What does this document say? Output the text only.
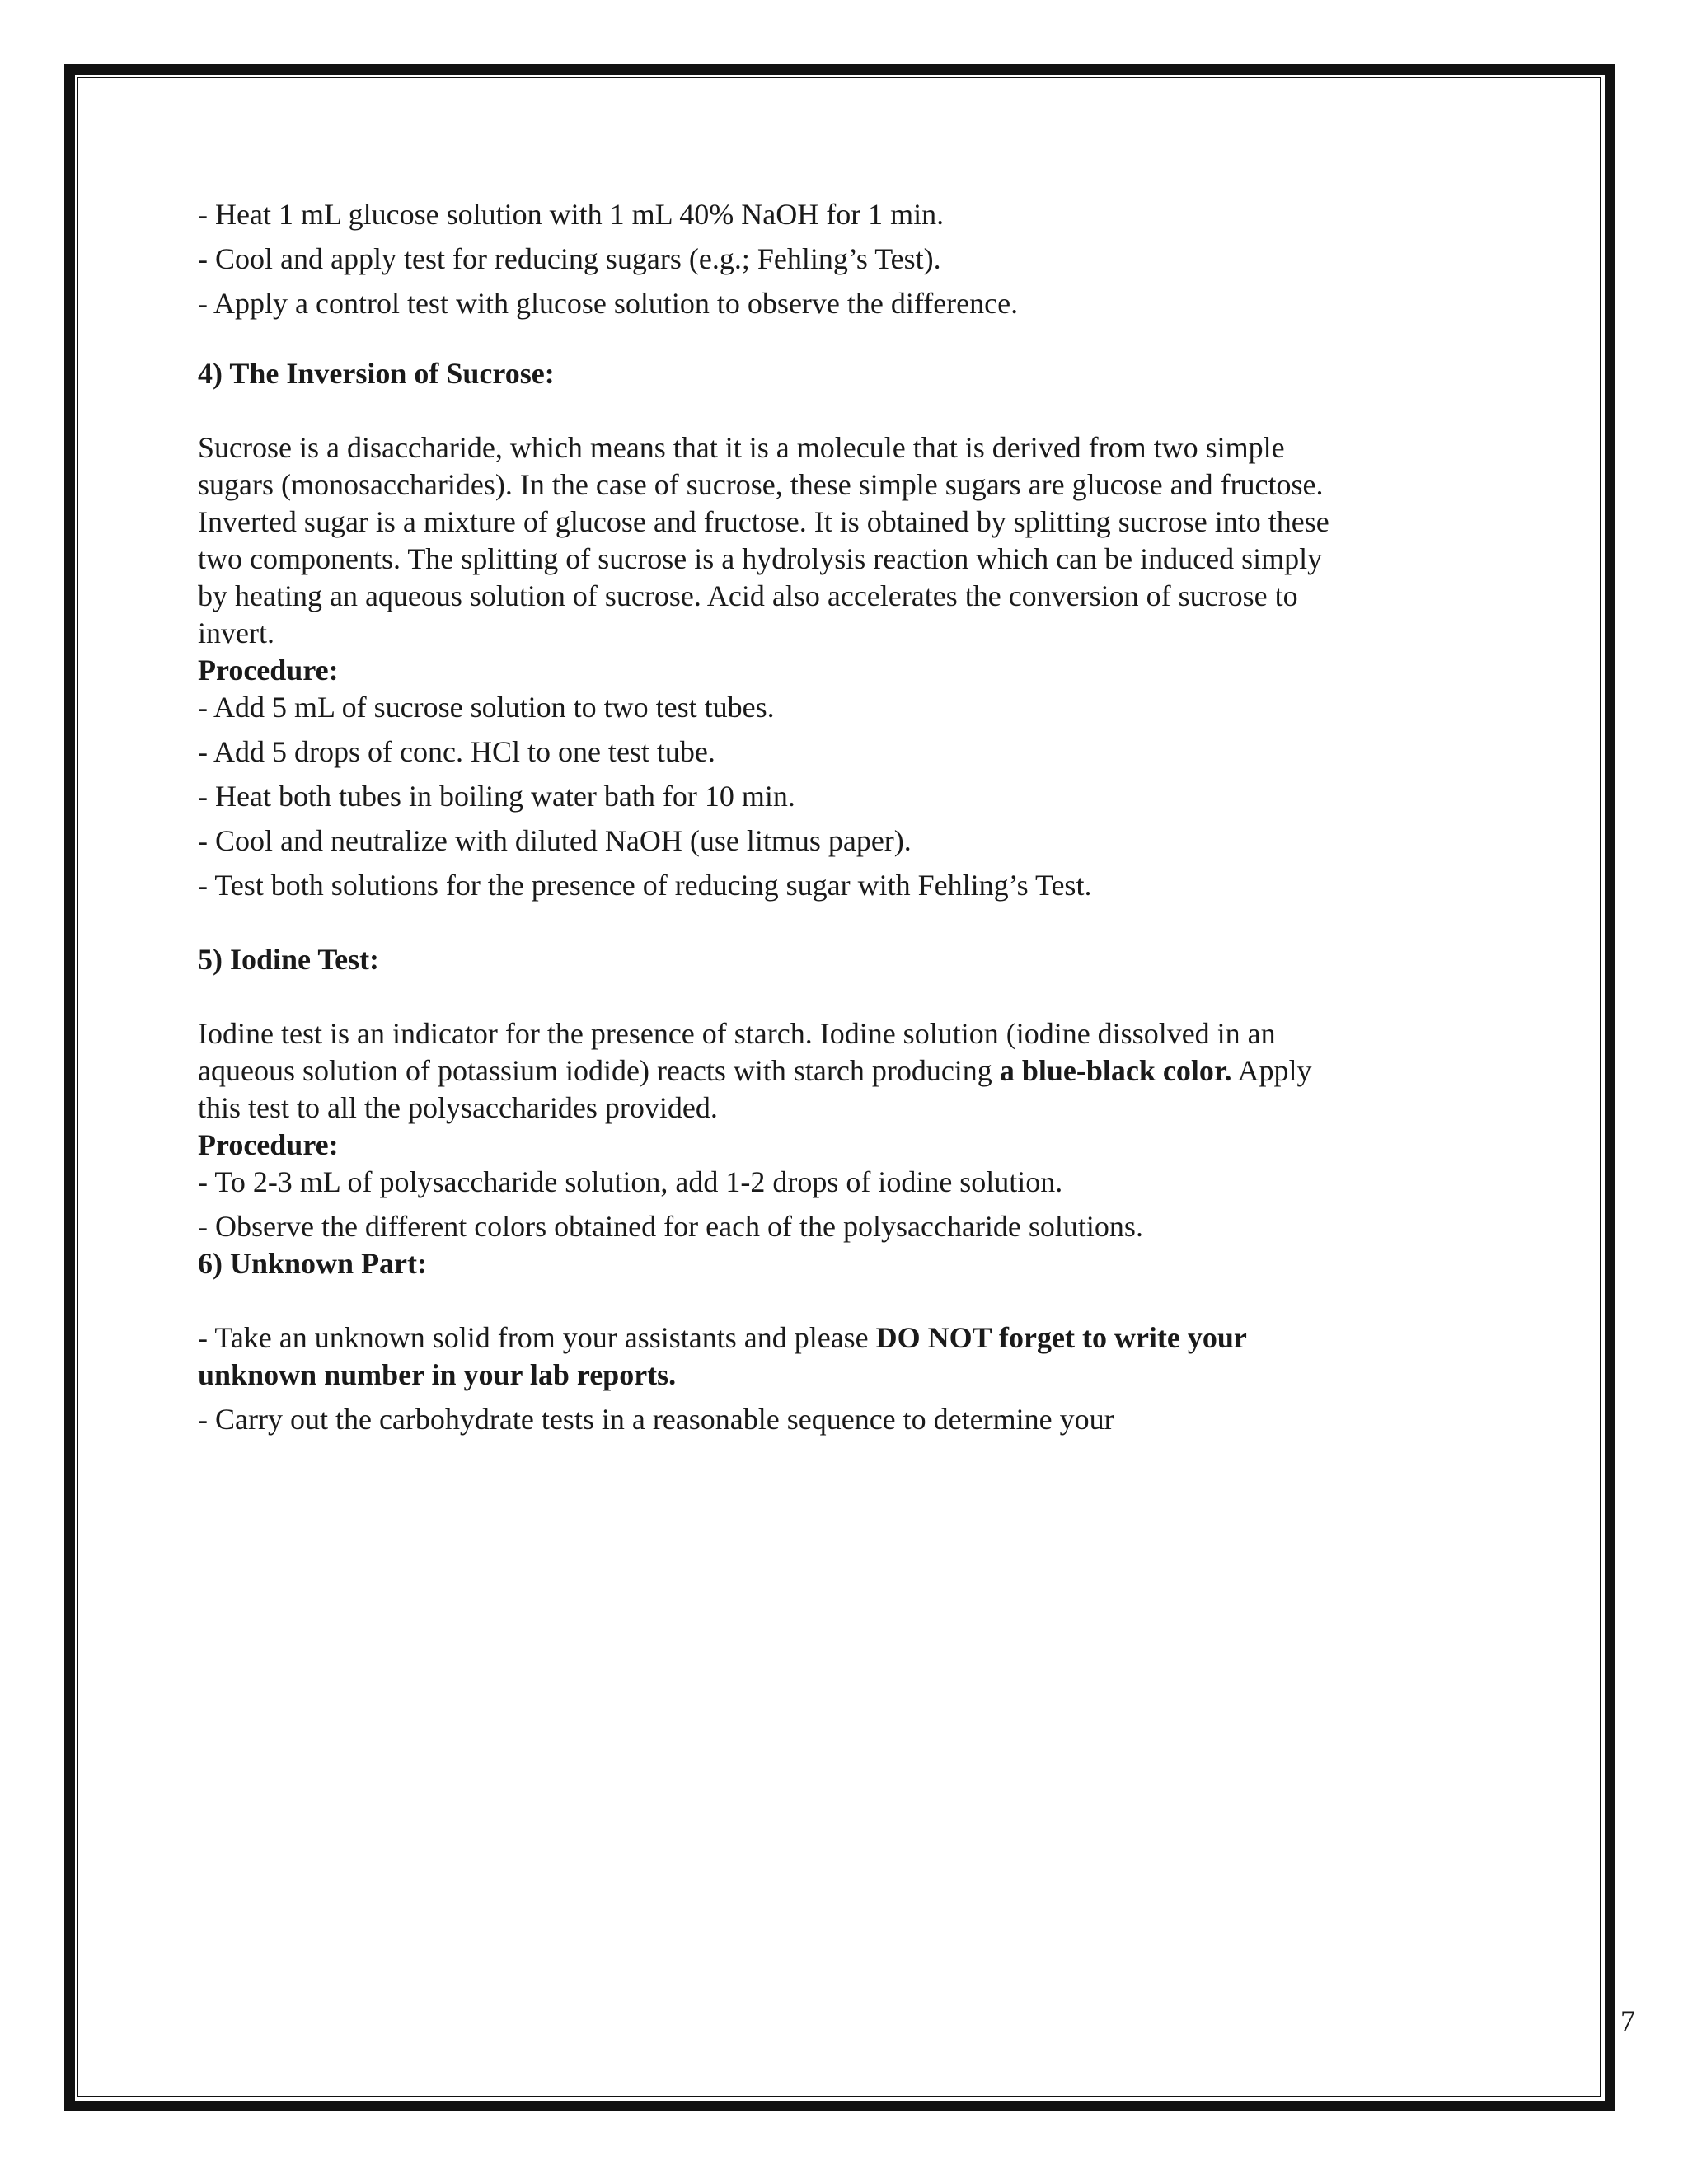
- Heat 1 mL glucose solution with 1 mL 40% NaOH for 1 min.
- Cool and apply test for reducing sugars (e.g.; Fehling’s Test).
- Apply a control test with glucose solution to observe the difference.
4) The Inversion of Sucrose:
Sucrose is a disaccharide, which means that it is a molecule that is derived from two simple
sugars (monosaccharides). In the case of sucrose, these simple sugars are glucose and fructose.
Inverted sugar is a mixture of glucose and fructose. It is obtained by splitting sucrose into these
two components. The splitting of sucrose is a hydrolysis reaction which can be induced simply
by heating an aqueous solution of sucrose. Acid also accelerates the conversion of sucrose to
invert.
Procedure:
- Add 5 mL of sucrose solution to two test tubes.
- Add 5 drops of conc. HCl to one test tube.
- Heat both tubes in boiling water bath for 10 min.
- Cool and neutralize with diluted NaOH (use litmus paper).
- Test both solutions for the presence of reducing sugar with Fehling’s Test.
5) Iodine Test:
Iodine test is an indicator for the presence of starch. Iodine solution (iodine dissolved in an
aqueous solution of potassium iodide) reacts with starch producing a blue-black color. Apply
this test to all the polysaccharides provided.
Procedure:
- To 2-3 mL of polysaccharide solution, add 1-2 drops of iodine solution.
- Observe the different colors obtained for each of the polysaccharide solutions.
6) Unknown Part:
- Take an unknown solid from your assistants and please DO NOT forget to write your
unknown number in your lab reports.
- Carry out the carbohydrate tests in a reasonable sequence to determine your
7
